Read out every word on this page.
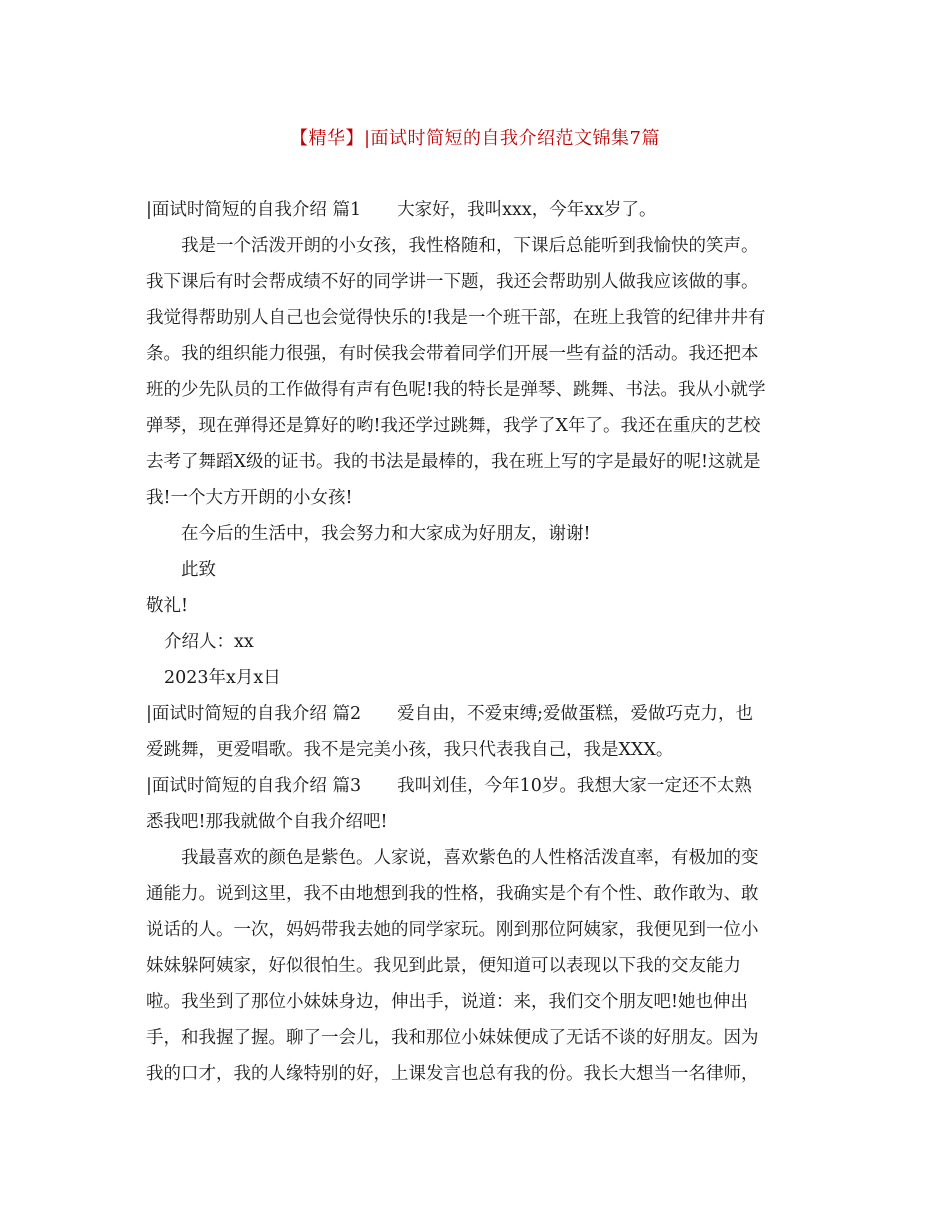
【精华】|面试时简短的自我介绍范文锦集7篇
|面试时简短的自我介绍 篇1 大家好，我叫xxx，今年xx岁了。
我是一个活泼开朗的小女孩，我性格随和，下课后总能听到我愉快的笑声。
我下课后有时会帮成绩不好的同学讲一下题，我还会帮助别人做我应该做的事。
我觉得帮助别人自己也会觉得快乐的!我是一个班干部，在班上我管的纪律井井有
条。我的组织能力很强，有时侯我会带着同学们开展一些有益的活动。我还把本
班的少先队员的工作做得有声有色呢!我的特长是弹琴、跳舞、书法。我从小就学
弹琴，现在弹得还是算好的哟!我还学过跳舞，我学了X年了。我还在重庆的艺校
去考了舞蹈X级的证书。我的书法是最棒的，我在班上写的字是最好的呢!这就是
我!一个大方开朗的小女孩!
在今后的生活中，我会努力和大家成为好朋友，谢谢!
此致
敬礼!
介绍人：xx
2023年x月x日
|面试时简短的自我介绍 篇2 爱自由，不爱束缚;爱做蛋糕，爱做巧克力，也
爱跳舞，更爱唱歌。我不是完美小孩，我只代表我自己，我是XXX。
|面试时简短的自我介绍 篇3 我叫刘佳，今年10岁。我想大家一定还不太熟
悉我吧!那我就做个自我介绍吧!
我最喜欢的颜色是紫色。人家说，喜欢紫色的人性格活泼直率，有极加的变
通能力。说到这里，我不由地想到我的性格，我确实是个有个性、敢作敢为、敢
说话的人。一次，妈妈带我去她的同学家玩。刚到那位阿姨家，我便见到一位小
妹妹躲阿姨家，好似很怕生。我见到此景，便知道可以表现以下我的交友能力
啦。我坐到了那位小妹妹身边，伸出手，说道：来，我们交个朋友吧!她也伸出
手，和我握了握。聊了一会儿，我和那位小妹妹便成了无话不谈的好朋友。因为
我的口才，我的人缘特别的好，上课发言也总有我的份。我长大想当一名律师，
